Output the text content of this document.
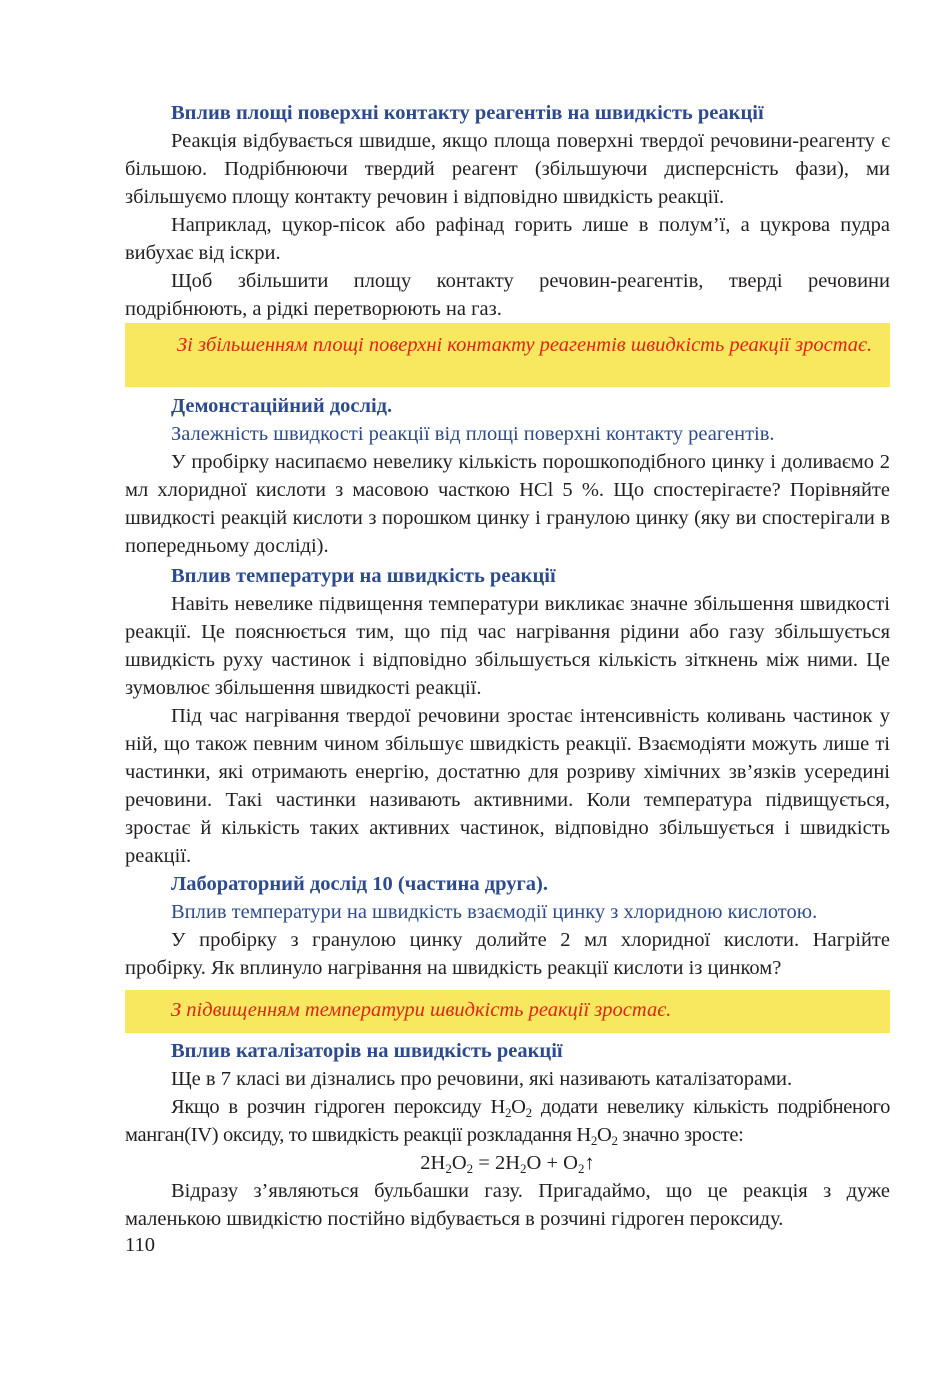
Вплив площі поверхні контакту реагентів на швидкість реакції

Реакція відбувається швидше, якщо площа поверхні твердої речовини-реагенту є більшою. Подрібнюючи твердий реагент (збільшуючи дисперсність фази), ми збільшуємо площу контакту речовин і відповідно швидкість реакції.

Наприклад, цукор-пісок або рафінад горить лише в полум’ї, а цукрова пудра вибухає від іскри.

Щоб збільшити площу контакту речовин-реагентів, тверді речовини подрібнюють, а рідкі перетворюють на газ.

Зі збільшенням площі поверхні контакту реагентів швидкість реакції зростає.

Демонстаційний дослід.

Залежність швидкості реакції від площі поверхні контакту реагентів.

У пробірку насипаємо невелику кількість порошкоподібного цинку і доливаємо 2 мл хлоридної кислоти з масовою часткою HCl 5 %. Що спостерігаєте? Порівняйте швидкості реакцій кислоти з порошком цинку і гранулою цинку (яку ви спостерігали в попередньому досліді).

Вплив температури на швидкість реакції

Навіть невелике підвищення температури викликає значне збільшення швидкості реакції. Це пояснюється тим, що під час нагрівання рідини або газу збільшується швидкість руху частинок і відповідно збільшується кількість зіткнень між ними. Це зумовлює збільшення швидкості реакції.

Під час нагрівання твердої речовини зростає інтенсивність коливань частинок у ній, що також певним чином збільшує швидкість реакції. Взаємодіяти можуть лише ті частинки, які отримають енергію, достатню для розриву хімічних зв’язків усередині речовини. Такі частинки називають активними. Коли температура підвищується, зростає й кількість таких активних частинок, відповідно збільшується і швидкість реакції.

Лабораторний дослід 10 (частина друга).

Вплив температури на швидкість взаємодії цинку з хлоридною кислотою.

У пробірку з гранулою цинку долийте 2 мл хлоридної кислоти. Нагрійте пробірку. Як вплинуло нагрівання на швидкість реакції кислоти із цинком?

З підвищенням температури швидкість реакції зростає.

Вплив каталізаторів на швидкість реакції

Ще в 7 класі ви дізнались про речовини, які називають каталізаторами.

Якщо в розчин гідроген пероксиду $H_2O_2$ додати невелику кількість подрібненого манган(IV) оксиду, то швидкість реакції розкладання $H_2O_2$ значно зросте:

$2H_2O_2 = 2H_2O$ + $O_2↑$

Відразу з’являються бульбашки газу. Пригадаймо, що це реакція з дуже маленькою швидкістю постійно відбувається в розчині гідроген пероксиду.

110
